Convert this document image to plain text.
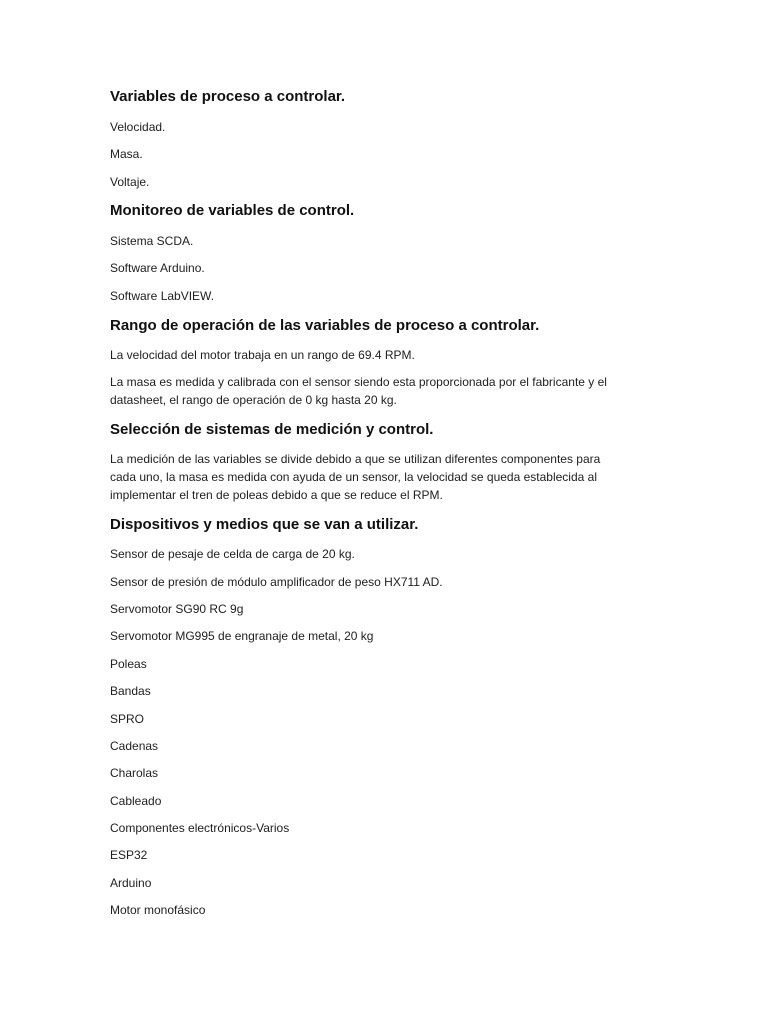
Variables de proceso a controlar.
Velocidad.
Masa.
Voltaje.
Monitoreo de variables de control.
Sistema SCDA.
Software Arduino.
Software LabVIEW.
Rango de operación de las variables de proceso a controlar.
La velocidad del motor trabaja en un rango de 69.4 RPM.
La masa es medida y calibrada con el sensor siendo esta proporcionada por el fabricante y el
datasheet, el rango de operación de 0 kg hasta 20 kg.
Selección de sistemas de medición y control.
La medición de las variables se divide debido a que se utilizan diferentes componentes para
cada uno, la masa es medida con ayuda de un sensor, la velocidad se queda establecida al
implementar el tren de poleas debido a que se reduce el RPM.
Dispositivos y medios que se van a utilizar.
Sensor de pesaje de celda de carga de 20 kg.
Sensor de presión de módulo amplificador de peso HX711 AD.
Servomotor SG90 RC 9g
Servomotor MG995 de engranaje de metal, 20 kg
Poleas
Bandas
SPRO
Cadenas
Charolas
Cableado
Componentes electrónicos-Varios
ESP32
Arduino
Motor monofásico
